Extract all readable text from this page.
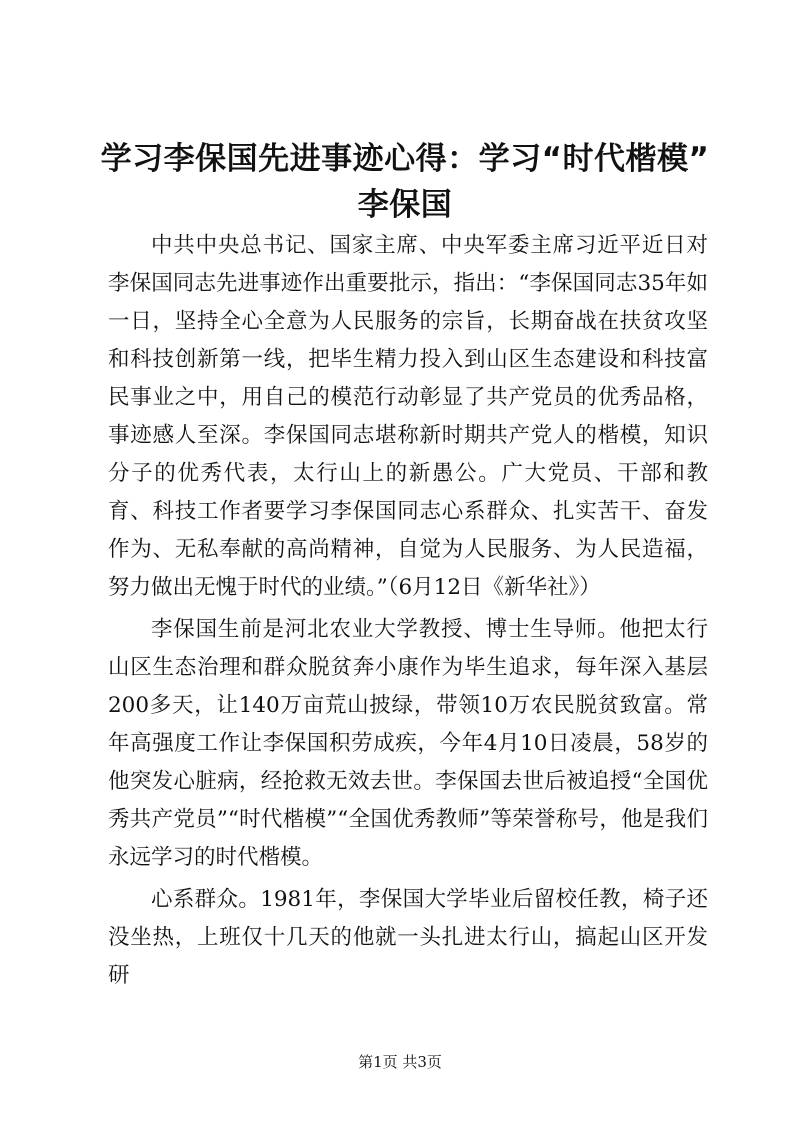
学习李保国先进事迹心得：学习“时代楷模”
李保国

中共中央总书记、国家主席、中央军委主席习近平近日对李保国同志先进事迹作出重要批示，指出：“李保国同志35年如一日，坚持全心全意为人民服务的宗旨，长期奋战在扶贫攻坚和科技创新第一线，把毕生精力投入到山区生态建设和科技富民事业之中，用自己的模范行动彰显了共产党员的优秀品格，事迹感人至深。李保国同志堪称新时期共产党人的楷模，知识分子的优秀代表，太行山上的新愚公。广大党员、干部和教育、科技工作者要学习李保国同志心系群众、扎实苦干、奋发作为、无私奉献的高尚精神，自觉为人民服务、为人民造福，努力做出无愧于时代的业绩。”（6月12日《新华社》）

李保国生前是河北农业大学教授、博士生导师。他把太行山区生态治理和群众脱贫奔小康作为毕生追求，每年深入基层200多天，让140万亩荒山披绿，带领10万农民脱贫致富。常年高强度工作让李保国积劳成疾，今年4月10日凌晨，58岁的他突发心脏病，经抢救无效去世。李保国去世后被追授“全国优秀共产党员”“时代楷模”“全国优秀教师”等荣誉称号，他是我们永远学习的时代楷模。

心系群众。1981年，李保国大学毕业后留校任教，椅子还没坐热，上班仅十几天的他就一头扎进太行山，搞起山区开发研

第1页 共3页
